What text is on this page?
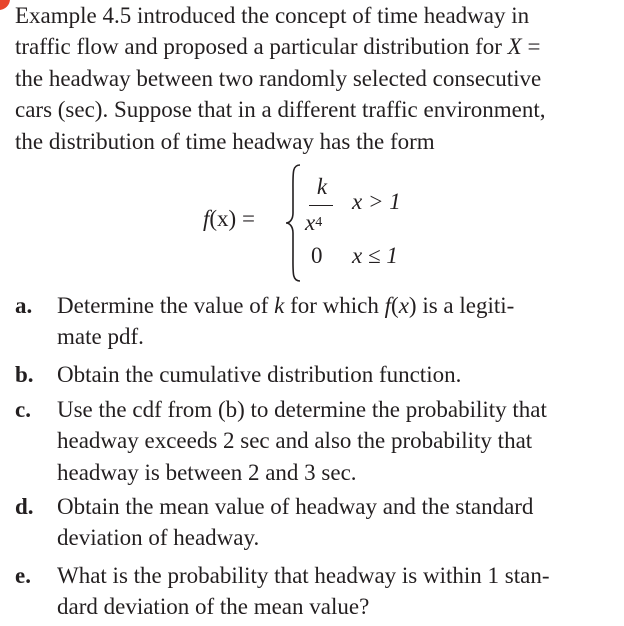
Example 4.5 introduced the concept of time headway in
traffic flow and proposed a particular distribution for X =
the headway between two randomly selected consecutive
cars (sec). Suppose that in a different traffic environment,
the distribution of time headway has the form
f(x) =
k
$x^4$
x > 1
0 x ≤ 1
a.	Determine the value of k for which f(x) is a legiti-
mate pdf.
b.	Obtain the cumulative distribution function.
c.	Use the cdf from (b) to determine the probability that
headway exceeds 2 sec and also the probability that
headway is between 2 and 3 sec.
d.	Obtain the mean value of headway and the standard
deviation of headway.
e.	What is the probability that headway is within 1 stan-
dard deviation of the mean value?
